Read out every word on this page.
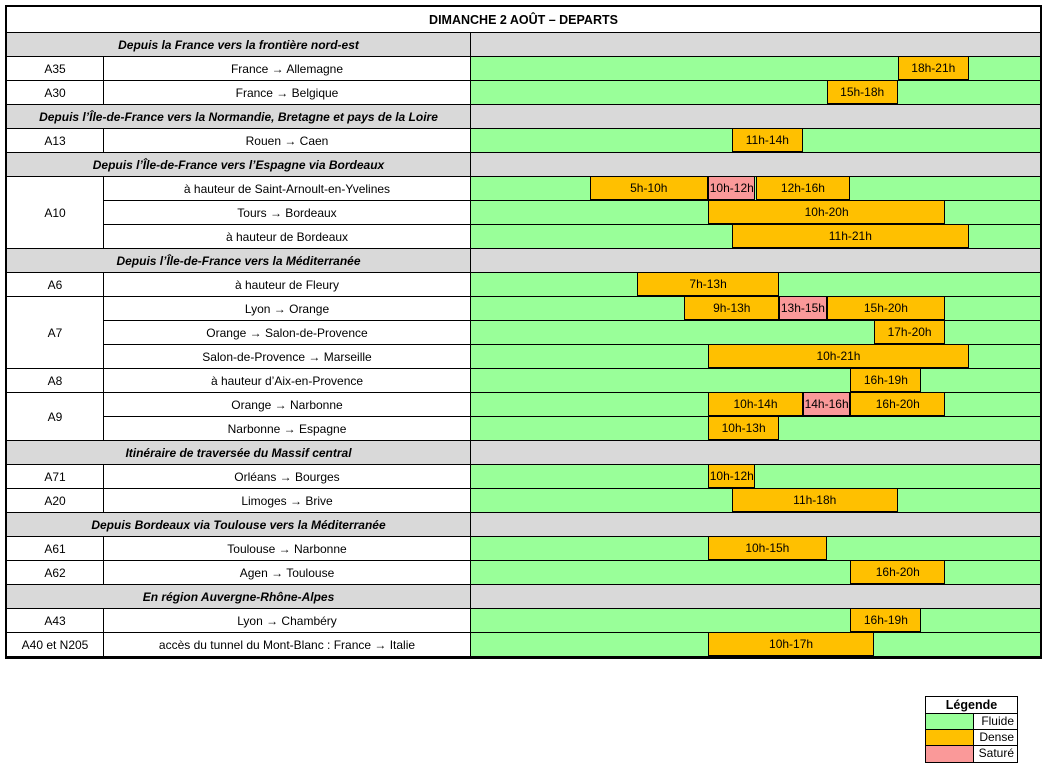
DIMANCHE 2 AOÛT – DEPARTS
Depuis la France vers la frontière nord-est
A35	France → Allemagne	18h-21h
A30	France → Belgique	15h-18h
Depuis l’Île-de-France vers la Normandie, Bretagne et pays de la Loire
A13	Rouen → Caen	11h-14h
Depuis l’Île-de-France vers l’Espagne via Bordeaux
A10
à hauteur de Saint-Arnoult-en-Yvelines	5h-10h	10h-12h	12h-16h
Tours → Bordeaux	10h-20h
à hauteur de Bordeaux	11h-21h
Depuis l’Île-de-France vers la Méditerranée
A6	à hauteur de Fleury	7h-13h
A7
Lyon → Orange	9h-13h	13h-15h	15h-20h
Orange → Salon-de-Provence	17h-20h
Salon-de-Provence → Marseille	10h-21h
A8	à hauteur d’Aix-en-Provence	16h-19h
A9
Orange → Narbonne	10h-14h	14h-16h	16h-20h
Narbonne → Espagne	10h-13h
Itinéraire de traversée du Massif central
A71	Orléans → Bourges	10h-12h
A20	Limoges → Brive	11h-18h
Depuis Bordeaux via Toulouse vers la Méditerranée
A61	Toulouse → Narbonne	10h-15h
A62	Agen → Toulouse	16h-20h
En région Auvergne-Rhône-Alpes
A43	Lyon → Chambéry	16h-19h
A40 et N205	accès du tunnel du Mont-Blanc : France → Italie	10h-17h
Légende
Fluide
Dense
Saturé
